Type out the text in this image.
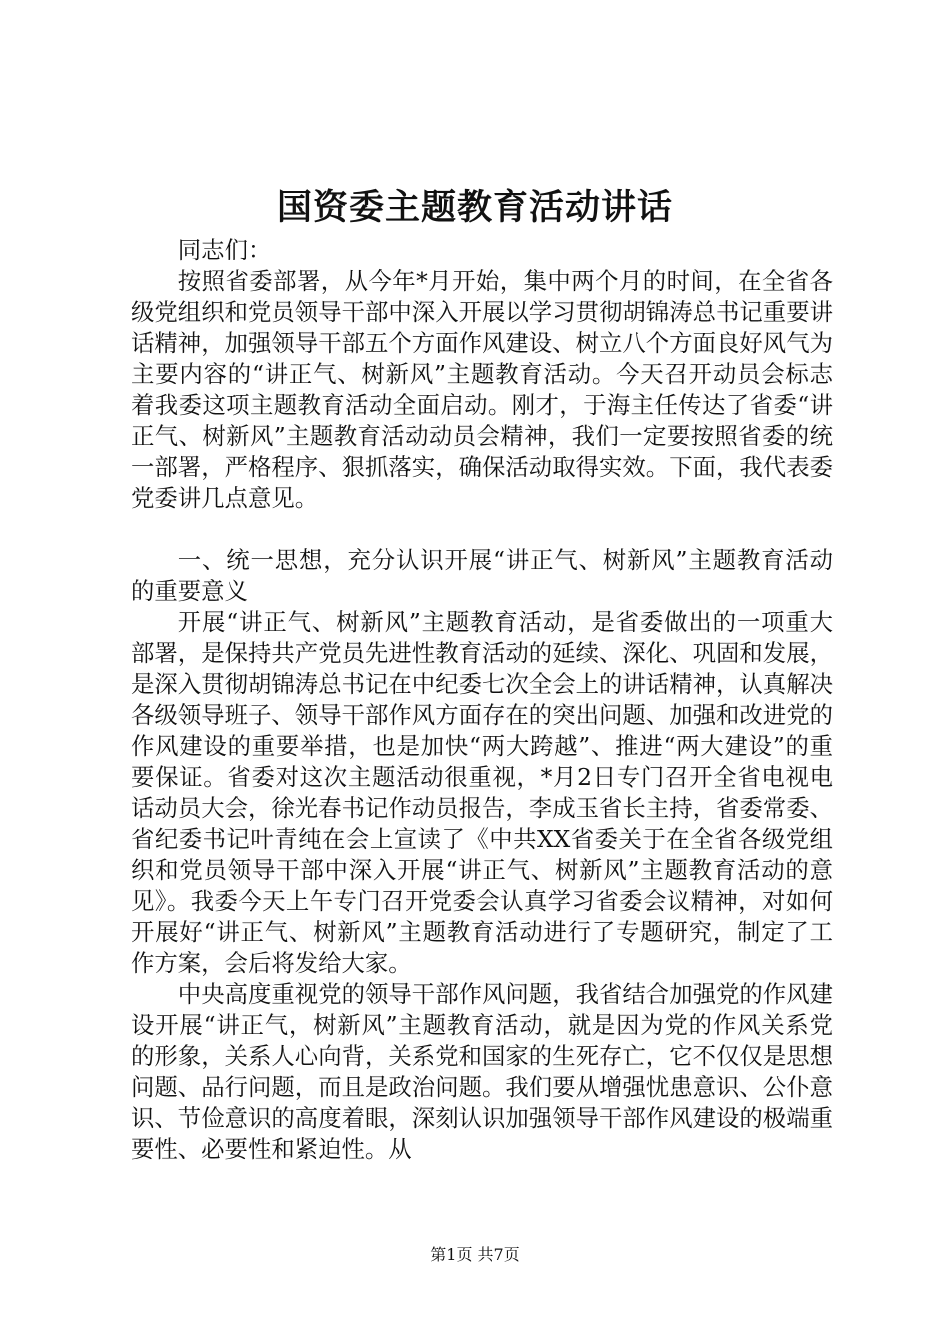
国资委主题教育活动讲话

同志们：

按照省委部署，从今年*月开始，集中两个月的时间，在全省各级党组织和党员领导干部中深入开展以学习贯彻胡锦涛总书记重要讲话精神，加强领导干部五个方面作风建设、树立八个方面良好风气为主要内容的“讲正气、树新风”主题教育活动。今天召开动员会标志着我委这项主题教育活动全面启动。刚才，于海主任传达了省委“讲正气、树新风”主题教育活动动员会精神，我们一定要按照省委的统一部署，严格程序、狠抓落实，确保活动取得实效。下面，我代表委党委讲几点意见。

一、统一思想，充分认识开展“讲正气、树新风”主题教育活动的重要意义

开展“讲正气、树新风”主题教育活动，是省委做出的一项重大部署，是保持共产党员先进性教育活动的延续、深化、巩固和发展，是深入贯彻胡锦涛总书记在中纪委七次全会上的讲话精神，认真解决各级领导班子、领导干部作风方面存在的突出问题、加强和改进党的作风建设的重要举措，也是加快“两大跨越”、推进“两大建设”的重要保证。省委对这次主题活动很重视，*月2日专门召开全省电视电话动员大会，徐光春书记作动员报告，李成玉省长主持，省委常委、省纪委书记叶青纯在会上宣读了《中共XX省委关于在全省各级党组织和党员领导干部中深入开展“讲正气、树新风”主题教育活动的意见》。我委今天上午专门召开党委会认真学习省委会议精神，对如何开展好“讲正气、树新风”主题教育活动进行了专题研究，制定了工作方案，会后将发给大家。

中央高度重视党的领导干部作风问题，我省结合加强党的作风建设开展“讲正气，树新风”主题教育活动，就是因为党的作风关系党的形象，关系人心向背，关系党和国家的生死存亡，它不仅仅是思想问题、品行问题，而且是政治问题。我们要从增强忧患意识、公仆意识、节俭意识的高度着眼，深刻认识加强领导干部作风建设的极端重要性、必要性和紧迫性。从

第1页 共7页
